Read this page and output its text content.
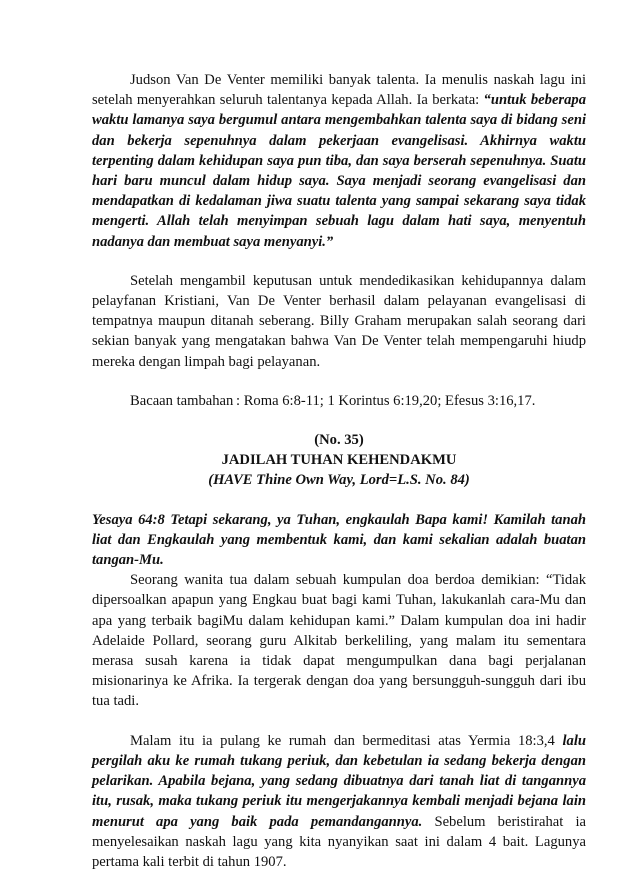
Judson Van De Venter memiliki banyak talenta. Ia menulis naskah lagu ini setelah menyerahkan seluruh talentanya kepada Allah. Ia berkata: “untuk beberapa waktu lamanya saya bergumul antara mengembahkan talenta saya di bidang seni dan bekerja sepenuhnya dalam pekerjaan evangelisasi. Akhirnya waktu terpenting dalam kehidupan saya pun tiba, dan saya berserah sepenuhnya. Suatu hari baru muncul dalam hidup saya. Saya menjadi seorang evangelisasi dan mendapatkan di kedalaman jiwa suatu talenta yang sampai sekarang saya tidak mengerti. Allah telah menyimpan sebuah lagu dalam hati saya, menyentuh nadanya dan membuat saya menyanyi.”

Setelah mengambil keputusan untuk mendedikasikan kehidupannya dalam pelayfanan Kristiani, Van De Venter berhasil dalam pelayanan evangelisasi di tempatnya maupun ditanah seberang. Billy Graham merupakan salah seorang dari sekian banyak yang mengatakan bahwa Van De Venter telah mempengaruhi hiudp mereka dengan limpah bagi pelayanan.

Bacaan tambahan : Roma 6:8-11; 1 Korintus 6:19,20; Efesus 3:16,17.

(No. 35)
JADILAH TUHAN KEHENDAKMU
(HAVE Thine Own Way, Lord=L.S. No. 84)

Yesaya 64:8 Tetapi sekarang, ya Tuhan, engkaulah Bapa kami! Kamilah tanah liat dan Engkaulah yang membentuk kami, dan kami sekalian adalah buatan tangan-Mu.

Seorang wanita tua dalam sebuah kumpulan doa berdoa demikian: “Tidak dipersoalkan apapun yang Engkau buat bagi kami Tuhan, lakukanlah cara-Mu dan apa yang terbaik bagiMu dalam kehidupan kami.” Dalam kumpulan doa ini hadir Adelaide Pollard, seorang guru Alkitab berkeliling, yang malam itu sementara merasa susah karena ia tidak dapat mengumpulkan dana bagi perjalanan misionarinya ke Afrika. Ia tergerak dengan doa yang bersungguh-sungguh dari ibu tua tadi.

Malam itu ia pulang ke rumah dan bermeditasi atas Yermia 18:3,4 lalu pergilah aku ke rumah tukang periuk, dan kebetulan ia sedang bekerja dengan pelarikan. Apabila bejana, yang sedang dibuatnya dari tanah liat di tangannya itu, rusak, maka tukang periuk itu mengerjakannya kembali menjadi bejana lain menurut apa yang baik pada pemandangannya. Sebelum beristirahat ia menyelesaikan naskah lagu yang kita nyanyikan saat ini dalam 4 bait. Lagunya pertama kali terbit di tahun 1907.
